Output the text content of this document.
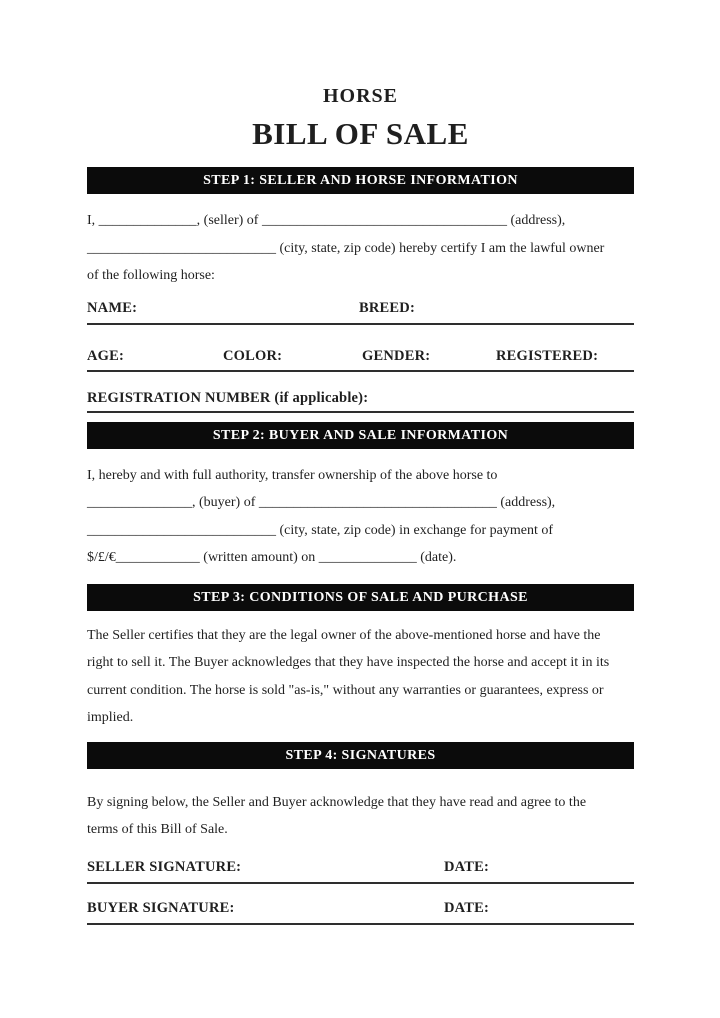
HORSE
BILL OF SALE
STEP 1: SELLER AND HORSE INFORMATION
I, ______________, (seller) of ___________________________________ (address),
___________________________ (city, state, zip code) hereby certify I am the lawful owner
of the following horse:
NAME:	BREED:
AGE:	COLOR:	GENDER:	REGISTERED:
REGISTRATION NUMBER (if applicable):
STEP 2: BUYER AND SALE INFORMATION
I, hereby and with full authority, transfer ownership of the above horse to
_______________, (buyer) of __________________________________ (address),
___________________________ (city, state, zip code) in exchange for payment of
$/£/€____________ (written amount) on ______________ (date).
STEP 3: CONDITIONS OF SALE AND PURCHASE
The Seller certifies that they are the legal owner of the above-mentioned horse and have the
right to sell it. The Buyer acknowledges that they have inspected the horse and accept it in its
current condition. The horse is sold "as-is," without any warranties or guarantees, express or
implied.
STEP 4: SIGNATURES
By signing below, the Seller and Buyer acknowledge that they have read and agree to the
terms of this Bill of Sale.
SELLER SIGNATURE:	DATE:
BUYER SIGNATURE:	DATE:
